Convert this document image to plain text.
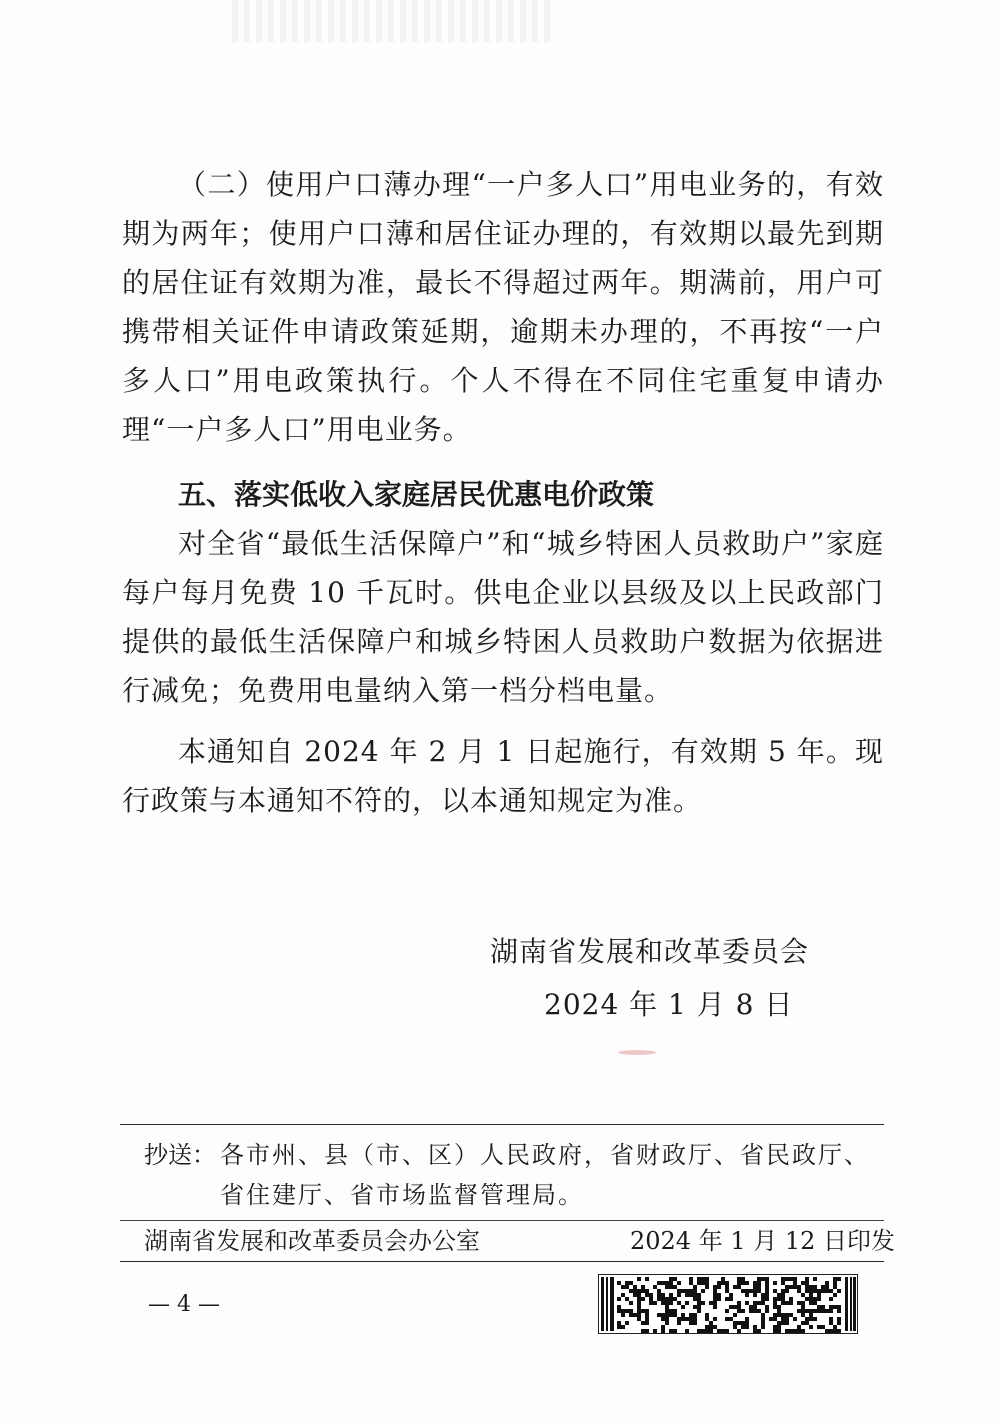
（二）使用户口薄办理“一户多人口”用电业务的，有效期为两年；使用户口薄和居住证办理的，有效期以最先到期的居住证有效期为准，最长不得超过两年。期满前，用户可携带相关证件申请政策延期，逾期未办理的，不再按“一户多人口”用电政策执行。个人不得在不同住宅重复申请办理“一户多人口”用电业务。
五、落实低收入家庭居民优惠电价政策
对全省“最低生活保障户”和“城乡特困人员救助户”家庭每户每月免费 10 千瓦时。供电企业以县级及以上民政部门提供的最低生活保障户和城乡特困人员救助户数据为依据进行减免；免费用电量纳入第一档分档电量。
本通知自 2024 年 2 月 1 日起施行，有效期 5 年。现行政策与本通知不符的，以本通知规定为准。
湖南省发展和改革委员会
2024 年 1 月 8 日
抄送： 各市州、县（市、区）人民政府，省财政厅、省民政厅、
省住建厅、省市场监督管理局。
湖南省发展和改革委员会办公室	2024 年 1 月 12 日印发
— 4 —
